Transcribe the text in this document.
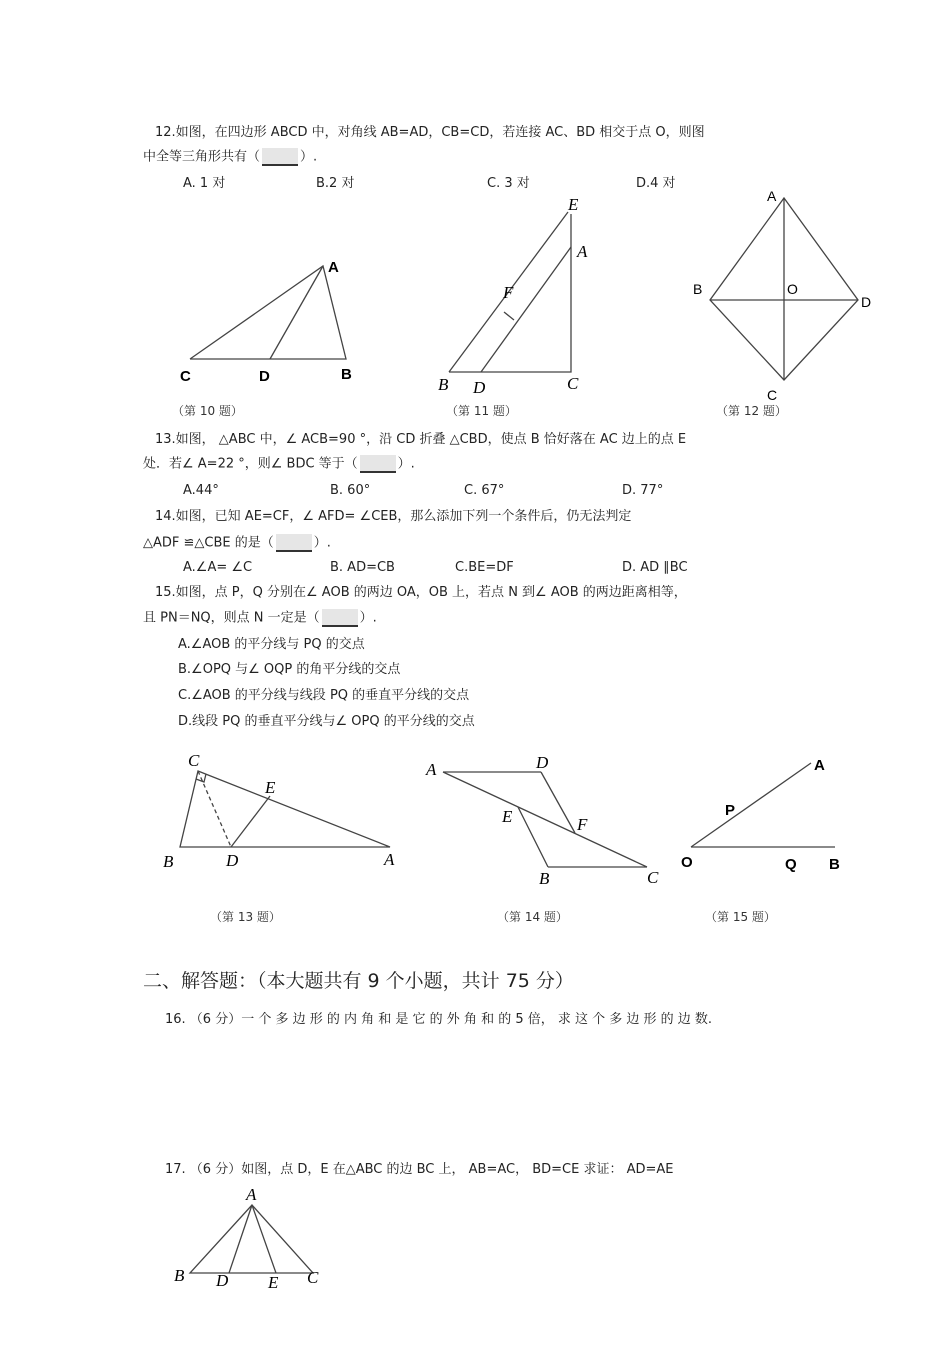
12.如图，在四边形 ABCD 中，对角线 AB=AD，CB=CD，若连接 AC、BD 相交于点 O，则图
中全等三角形共有（	）.
A. 1 对	B.2 对	C. 3 对	D.4 对
A
C	D	B
E
A
F
B D	C
A
B	O
D
C
（第 10 题）	（第 11 题）	（第 12 题）
13.如图， △ABC 中，∠ ACB=90 °，沿 CD 折叠 △CBD，使点 B 恰好落在 AC 边上的点 E
处．若∠ A=22 °，则∠ BDC 等于（	）.
A.44°	B. 60°	C. 67°	D. 77°
14.如图，已知 AE=CF，∠ AFD= ∠CEB，那么添加下列一个条件后，仍无法判定
△ADF ≌△CBE 的是（	）.
A.∠A= ∠C	B. AD=CB	C.BE=DF	D. AD ∥BC
15.如图，点 P，Q 分别在∠ AOB 的两边 OA，OB 上，若点 N 到∠ AOB 的两边距离相等，
且 PN＝NQ，则点 N 一定是（	）.
A.∠AOB 的平分线与 PQ 的交点
B.∠OPQ 与∠ OQP 的角平分线的交点
C.∠AOB 的平分线与线段 PQ 的垂直平分线的交点
D.线段 PQ 的垂直平分线与∠ OPQ 的平分线的交点
C
E
B	D	A
A	D
E	F
B	C
A
P
O	Q B
（第 13 题）	（第 14 题）	（第 15 题）
二、解答题：（本大题共有 9 个小题，共计 75 分）
16. （6 分）一 个 多 边 形 的 内 角 和 是 它 的 外 角 和 的 5 倍， 求 这 个 多 边 形 的 边 数.
17. （6 分）如图，点 D，E 在△ABC 的边 BC 上， AB=AC， BD=CE 求证： AD=AE
A
B D E C
